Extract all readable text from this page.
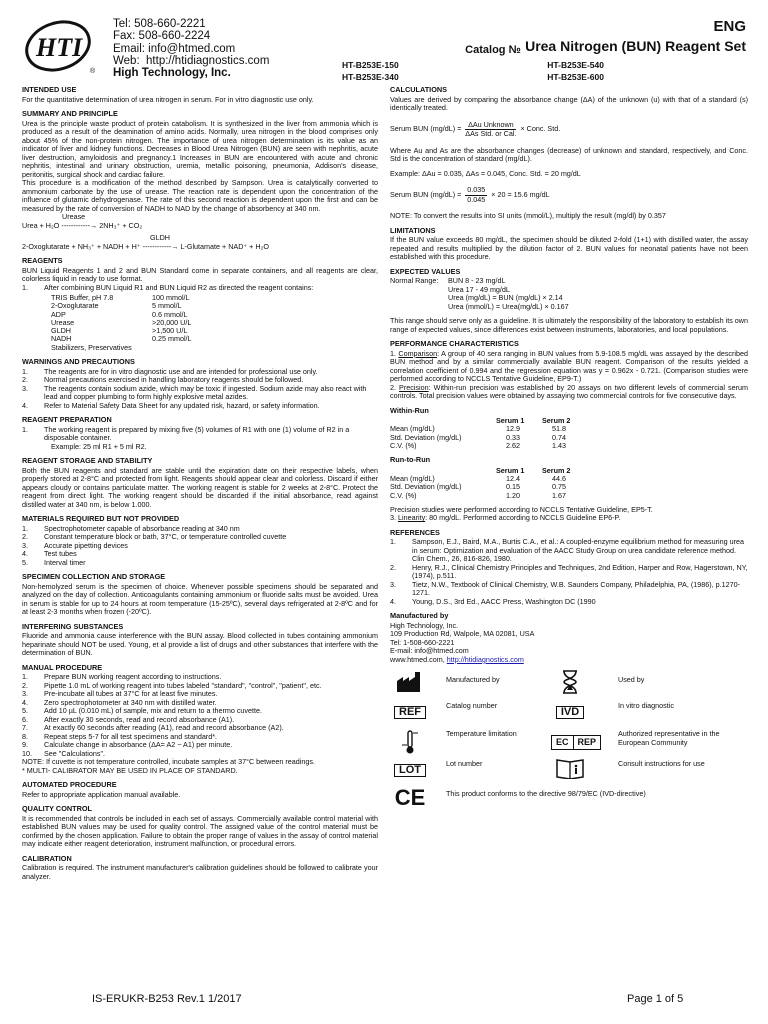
HTI
®
Tel: 508-660-2221
Fax: 508-660-2224
Email: info@htmed.com
Web: http://htidiagnostics.com
High Technology, Inc.
Catalog №
HT-B253E-150	HT-B253E-540
HT-B253E-340	HT-B253E-600
ENG
Urea Nitrogen (BUN) Reagent Set
INTENDED USE

For the quantitative determination of urea nitrogen in serum. For in vitro diagnostic use only.

SUMMARY AND PRINCIPLE

Urea is the principle waste product of protein catabolism. It is synthesized in the liver from ammonia which is produced as a result of the deamination of amino acids. Normally, urea nitrogen in the blood comprises only about 45% of the non-protein nitrogen. The importance of urea nitrogen determination is its value as an indicator of liver and kidney functions. Decreases in Blood Urea Nitrogen (BUN) are seen with nephritis, acute liver destruction, amyloidosis and pregnancy.1 Increases in BUN are encountered with acute and chronic nephritis, intestinal and urinary obstruction, uremia, metallic poisoning, pneumonia, Addison's disease, peritonitis, surgical shock and cardiac failure.

This procedure is a modification of the method described by Sampson. Urea is catalytically converted to ammonium carbonate by the use of urease. The reaction rate is dependent upon the concentration of the influence of glutamic dehydrogenase. The rate of this second reaction is dependent upon the first and can be measured by the rate of conversion of NADH to NAD by the change of absorbency at 340 nm.

Urease
Urea + H₂O ------------→ 2NH₃⁺ + CO₂
GLDH
2-Oxoglutarate + NH₃⁺ + NADH + H⁺ ------------→ L-Glutamate + NAD⁺ + H₂O
REAGENTS

BUN Liquid Reagents 1 and 2 and BUN Standard come in separate containers, and all reagents are clear, colorless liquid in ready to use format.

1. After combining BUN Liquid R1 and BUN Liquid R2 as directed the reagent contains:
TRIS Buffer, pH 7.8	100 mmol/L
2-Oxoglutarate	5 mmol/L
ADP	0.6 mmol/L
Urease	>20,000 U/L
GLDH	>1,500 U/L
NADH	0.25 mmol/L
Stabilizers, Preservatives	
WARNINGS AND PRECAUTIONS
1. The reagents are for in vitro diagnostic use and are intended for professional use only.
2. Normal precautions exercised in handling laboratory reagents should be followed.
3. The reagents contain sodium azide, which may be toxic if ingested. Sodium azide may also react with lead and copper plumbing to form highly explosive metal azides.
4. Refer to Material Safety Data Sheet for any updated risk, hazard, or safety information.
REAGENT PREPARATION
1. The working reagent is prepared by mixing five (5) volumes of R1 with one (1) volume of R2 in a disposable container.
Example: 25 ml R1 + 5 ml R2.
REAGENT STORAGE AND STABILITY

Both the BUN reagents and standard are stable until the expiration date on their respective labels, when properly stored at 2-8°C and protected from light. Reagents should appear clear and colorless. Discard if either appears cloudy or contains particulate matter. The working reagent is stable for 2 weeks at 2-8°C. Protect the reagent from direct light. The working reagent should be discarded if the initial absorbance, read against distilled water at 340 nm, is below 1.000.

MATERIALS REQUIRED BUT NOT PROVIDED
1. Spectrophotometer capable of absorbance reading at 340 nm
2. Constant temperature block or bath, 37°C, or temperature controlled cuvette
3. Accurate pipetting devices
4. Test tubes
5. Interval timer
SPECIMEN COLLECTION AND STORAGE

Non-hemolyzed serum is the specimen of choice. Whenever possible specimens should be separated and analyzed on the day of collection. Anticoagulants containing ammonium or fluoride salts must be avoided. Urea in serum is stable for up to 24 hours at room temperature (15-25ºC), several days refrigerated at 2-8ºC and for at least 2-3 months when frozen (-20ºC).

INTERFERING SUBSTANCES

Fluoride and ammonia cause interference with the BUN assay. Blood collected in tubes containing ammonium heparinate should NOT be used. Young, et al provide a list of drugs and other substances that interfere with the determination of BUN.

MANUAL PROCEDURE
1. Prepare BUN working reagent according to instructions.
2. Pipette 1.0 mL of working reagent into tubes labeled "standard", "control", "patient", etc.
3. Pre-incubate all tubes at 37°C for at least five minutes.
4. Zero spectrophotometer at 340 nm with distilled water.
5. Add 10 µL (0.010 mL) of sample, mix and return to a thermo cuvette.
6. After exactly 30 seconds, read and record absorbance (A1).
7. At exactly 60 seconds after reading (A1), read and record absorbance (A2).
8. Repeat steps 5-7 for all test specimens and standard*.
9. Calculate change in absorbance (ΔA= A2 − A1) per minute.
10. See "Calculations".
NOTE: If cuvette is not temperature controlled, incubate samples at 37°C between readings.
* MULTI- CALIBRATOR MAY BE USED IN PLACE OF STANDARD.
AUTOMATED PROCEDURE

Refer to appropriate application manual available.

QUALITY CONTROL

It is recommended that controls be included in each set of assays. Commercially available control material with established BUN values may be used for quality control. The assigned value of the control material must be confirmed by the chosen application. Failure to obtain the proper range of values in the assay of control material may indicate either reagent deterioration, instrument malfunction, or procedural errors.

CALIBRATION

Calibration is required. The instrument manufacturer's calibration guidelines should be followed to calibrate your analyzer.

CALCULATIONS

Values are derived by comparing the absorbance change (ΔA) of the unknown (u) with that of a standard (s) identically treated.

Serum BUN $(mg/dL) = \frac{\text{ΔAu Unknown}}{\text{ΔAs Std. or Cal.}}$ × Conc. Std.

Where Au and As are the absorbance changes (decrease) of unknown and standard, respectively, and Conc. Std is the concentration of standard (mg/dL).

Example: ΔAu = 0.035, ΔAs = 0.045, Conc. Std. = 20 mg/dL
Serum BUN $(mg/dL) = \frac{0.035}{0.045} \times 20 = 15.6$ mg/dL
NOTE: To convert the results into SI units (mmol/L), multiply the result (mg/dl) by 0.357
LIMITATIONS

If the BUN value exceeds 80 mg/dL, the specimen should be diluted 2-fold (1+1) with distilled water, the assay repeated and results multiplied by the dilution factor of 2. BUN values for neonatal patients have not been established with this procedure.

EXPECTED VALUES
Normal Range:	BUN 8 - 23 mg/dL
Urea 17 - 49 mg/dL
Urea (mg/dL) = BUN (mg/dL) × 2.14
Urea (mmol/L) = Urea(mg/dL) × 0.167

This range should serve only as a guideline. It is ultimately the responsibility of the laboratory to establish its own range of expected values, since differences exist between instruments, laboratories, and local populations.

PERFORMANCE CHARACTERISTICS

1. Comparison: A group of 40 sera ranging in BUN values from 5.9-108.5 mg/dL was assayed by the described BUN method and by a similar commercially available BUN reagent. Comparison of the results yielded a correlation coefficient of 0.994 and the regression equation was y = 0.962x - 0.721. (Comparison studies were performed according to NCCLS Tentative Guideline, EP9-T.)

2. Precision: Within-run precision was established by 20 assays on two different levels of commercial serum controls. Total precision values were obtained by assaying two commercial controls for five consecutive days.

Within-Run
	Serum 1	Serum 2
Mean (mg/dL)	12.9	51.8
Std. Deviation (mg/dL)	0.33	0.74
C.V. (%)	2.62	1.43
Run-to-Run
	Serum 1	Serum 2
Mean (mg/dL)	12.4	44.6
Std. Deviation (mg/dL)	0.15	0.75
C.V. (%)	1.20	1.67
Precision studies were performed according to NCCLS Tentative Guideline, EP5-T.
3. Linearity: 80 mg/dL. Performed according to NCCLS Guideline EP6-P.
REFERENCES
1. Sampson, E.J., Baird, M.A., Burtis C.A., et al.: A coupled-enzyme equilibrium method for measuring urea in serum: Optimization and evaluation of the AACC Study Group on urea candidate reference method. Clin Chem., 26, 816-826, 1980.
2. Henry, R.J., Clinical Chemistry Principles and Techniques, 2nd Edition, Harper and Row, Hagerstown, NY, (1974), p.511.
3. Tietz, N.W., Textbook of Clinical Chemistry, W.B. Saunders Company, Philadelphia, PA, (1986), p.1270-1271.
4. Young, D.S., 3rd Ed., AACC Press, Washington DC (1990
Manufactured by
High Technology, Inc.
109 Production Rd, Walpole, MA 02081, USA
Tel: 1-508-660-2221
E-mail: info@htmed.com
www.htmed.com, http://htidiagnostics.com
Manufactured by	Used by
REF
Catalog number
IVD
In vitro diagnostic
Temperature limitation
EC	REP
Authorized representative in the European Community
LOT
Lot number	Consult instructions for use
CE	This product conforms to the directive 98/79/EC (IVD-directive)
IS-ERUKR-B253 Rev.1 1/2017	Page 1 of 5
